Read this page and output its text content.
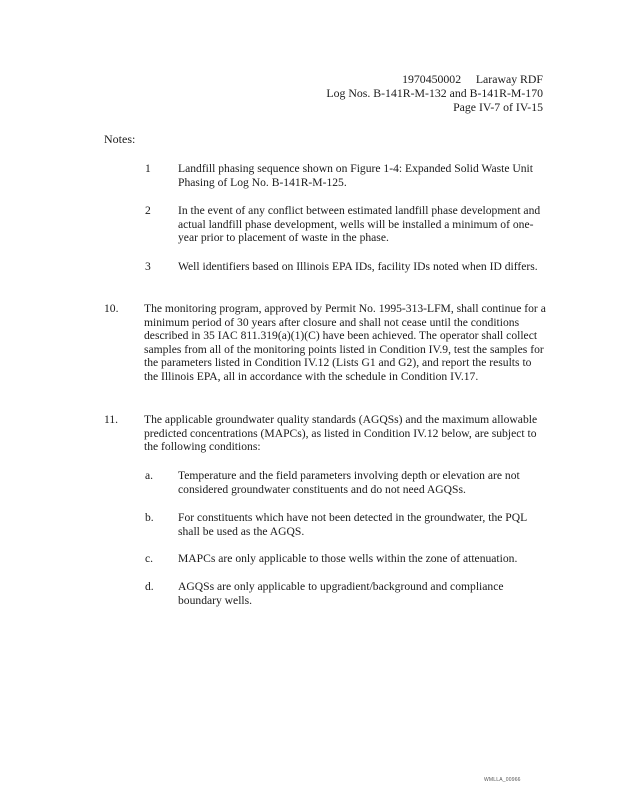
1970450002     Laraway RDF
Log Nos. B-141R-M-132 and B-141R-M-170
Page IV-7 of IV-15
Notes:
1 Landfill phasing sequence shown on Figure 1-4: Expanded Solid Waste Unit Phasing of Log No. B-141R-M-125.
2 In the event of any conflict between estimated landfill phase development and actual landfill phase development, wells will be installed a minimum of one-year prior to placement of waste in the phase.
3 Well identifiers based on Illinois EPA IDs, facility IDs noted when ID differs.
10. The monitoring program, approved by Permit No. 1995-313-LFM, shall continue for a minimum period of 30 years after closure and shall not cease until the conditions described in 35 IAC 811.319(a)(1)(C) have been achieved. The operator shall collect samples from all of the monitoring points listed in Condition IV.9, test the samples for the parameters listed in Condition IV.12 (Lists G1 and G2), and report the results to the Illinois EPA, all in accordance with the schedule in Condition IV.17.
11. The applicable groundwater quality standards (AGQSs) and the maximum allowable predicted concentrations (MAPCs), as listed in Condition IV.12 below, are subject to the following conditions:
a. Temperature and the field parameters involving depth or elevation are not considered groundwater constituents and do not need AGQSs.
b. For constituents which have not been detected in the groundwater, the PQL shall be used as the AGQS.
c. MAPCs are only applicable to those wells within the zone of attenuation.
d. AGQSs are only applicable to upgradient/background and compliance boundary wells.
WMLLA_00966
